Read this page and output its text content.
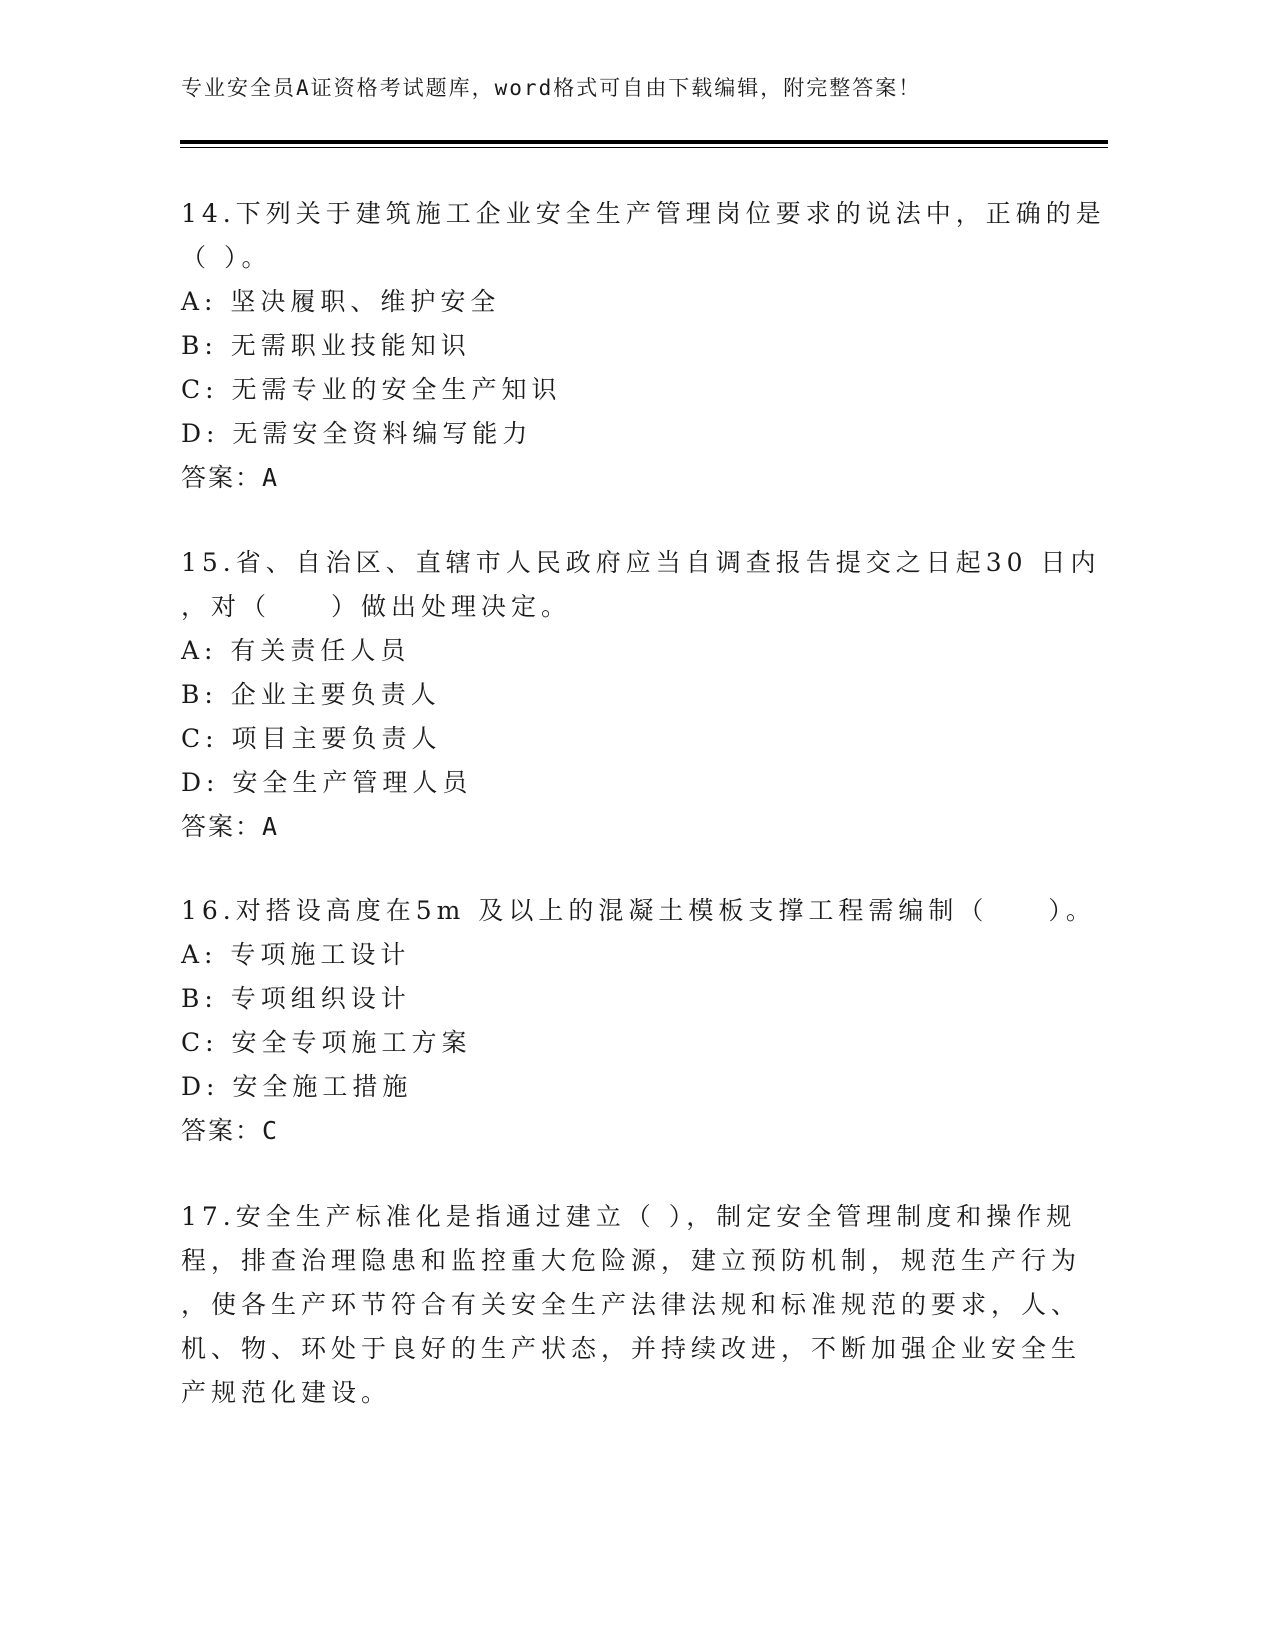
专业安全员A证资格考试题库，word格式可自由下载编辑，附完整答案！
14.下列关于建筑施工企业安全生产管理岗位要求的说法中，正确的是
（ ）。
A: 坚决履职、维护安全
B: 无需职业技能知识
C: 无需专业的安全生产知识
D: 无需安全资料编写能力
答案：A
15.省、自治区、直辖市人民政府应当自调查报告提交之日起30 日内
，对（　　）做出处理决定。
A: 有关责任人员
B: 企业主要负责人
C: 项目主要负责人
D: 安全生产管理人员
答案：A
16.对搭设高度在5m 及以上的混凝土模板支撑工程需编制（　　）。
A: 专项施工设计
B: 专项组织设计
C: 安全专项施工方案
D: 安全施工措施
答案：C
17.安全生产标准化是指通过建立（ ），制定安全管理制度和操作规
程，排查治理隐患和监控重大危险源，建立预防机制，规范生产行为
，使各生产环节符合有关安全生产法律法规和标准规范的要求，人、
机、物、环处于良好的生产状态，并持续改进，不断加强企业安全生
产规范化建设。
